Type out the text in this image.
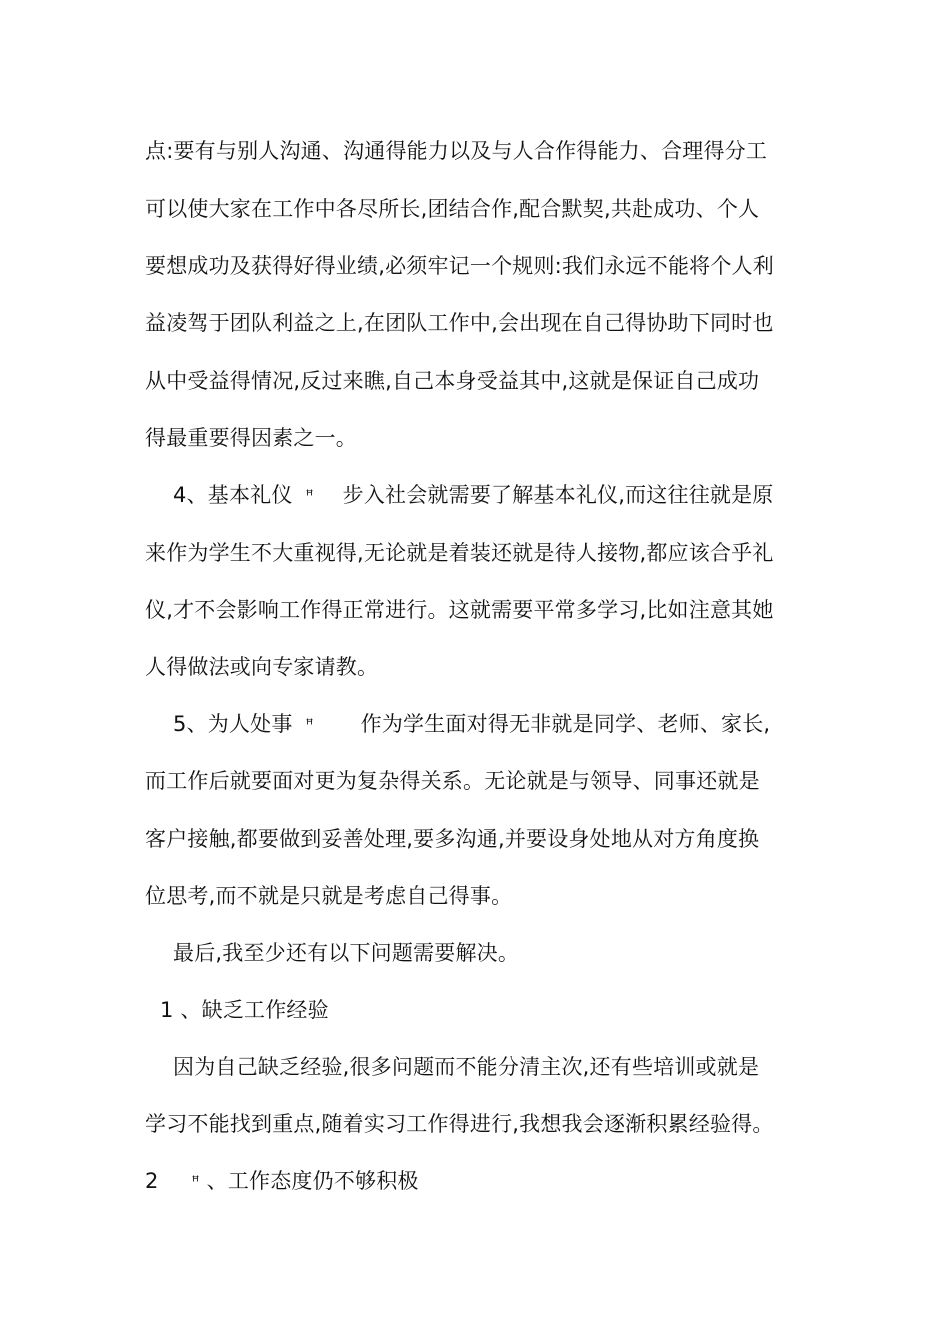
点:要有与别人沟通、沟通得能力以及与人合作得能力、合理得分工
可以使大家在工作中各尽所长,团结合作,配合默契,共赴成功、个人
要想成功及获得好得业绩,必须牢记一个规则:我们永远不能将个人利
益凌驾于团队利益之上,在团队工作中,会出现在自己得协助下同时也
从中受益得情况,反过来瞧,自己本身受益其中,这就是保证自己成功
得最重要得因素之一。
4、基本礼仪 ꟸ 步入社会就需要了解基本礼仪,而这往往就是原
来作为学生不大重视得,无论就是着装还就是待人接物,都应该合乎礼
仪,才不会影响工作得正常进行。这就需要平常多学习,比如注意其她
人得做法或向专家请教。
5、为人处事 ꟸ 作为学生面对得无非就是同学、老师、家长,
而工作后就要面对更为复杂得关系。无论就是与领导、同事还就是
客户接触,都要做到妥善处理,要多沟通,并要设身处地从对方角度换
位思考,而不就是只就是考虑自己得事。
最后,我至少还有以下问题需要解决。
1 、缺乏工作经验
因为自己缺乏经验,很多问题而不能分清主次,还有些培训或就是
学习不能找到重点,随着实习工作得进行,我想我会逐渐积累经验得。
2 ꟸ 、工作态度仍不够积极
